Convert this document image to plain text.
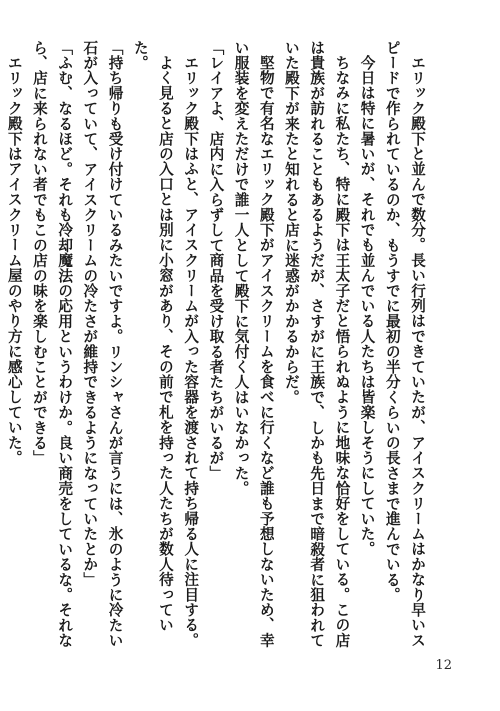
エリック殿下と並んで数分。長い行列はできていたが、アイスクリームはかなり早いスピードで作られているのか、もうすでに最初の半分くらいの長さまで進んでいる。

今日は特に暑いが、それでも並んでいる人たちは皆楽しそうにしていた。

ちなみに私たち、特に殿下は王太子だと悟られぬように地味な恰好をしている。この店は貴族が訪れることもあるようだが、さすがに王族で、しかも先日まで暗殺者に狙われていた殿下が来たと知れると店に迷惑がかかるからだ。

堅物で有名なエリック殿下がアイスクリームを食べに行くなど誰も予想しないため、幸い服装を変えただけで誰一人として殿下に気付く人はいなかった。

「レイアよ、店内に入らずして商品を受け取る者たちがいるが」

エリック殿下はふと、アイスクリームが入った容器を渡されて持ち帰る人に注目する。

よく見ると店の入口とは別に小窓があり、その前で札を持った人たちが数人待っていた。

「持ち帰りも受け付けているみたいですよ。リンシャさんが言うには、氷のように冷たい石が入っていて、アイスクリームの冷たさが維持できるようになっていたとか」

「ふむ、なるほど。それも冷却魔法の応用というわけか。良い商売をしているな。それなら、店に来られない者でもこの店の味を楽しむことができる」

エリック殿下はアイスクリーム屋のやり方に感心していた。

12
